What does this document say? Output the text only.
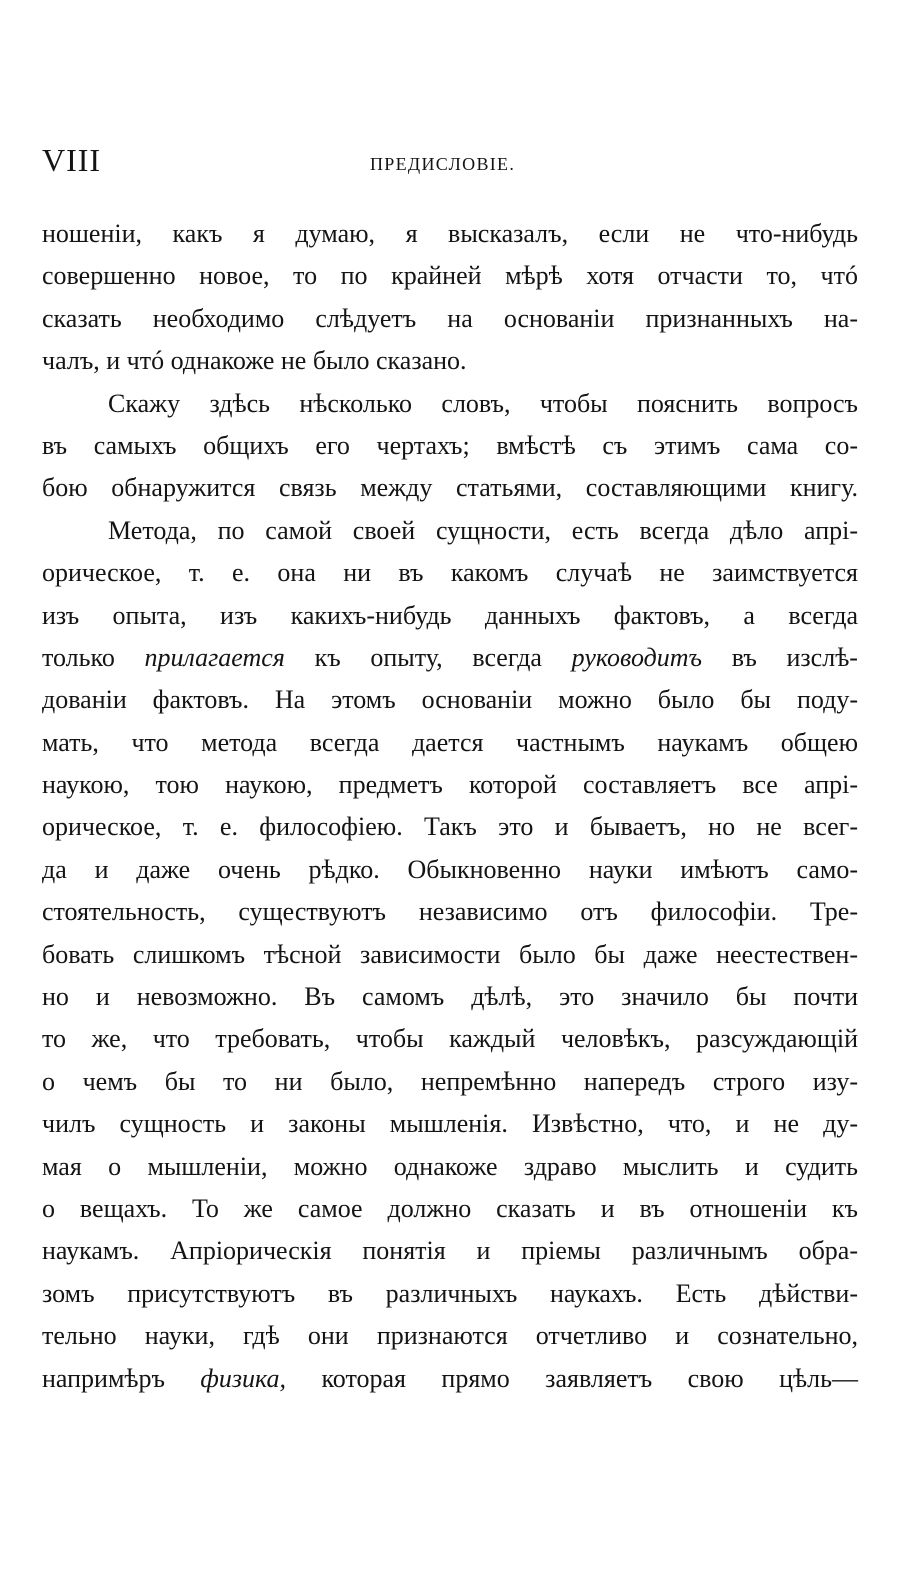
VIII	ПРЕДИСЛОВІЕ.
ношеніи, какъ я думаю, я высказалъ, если не что-нибудь
совершенно новое, то по крайней мѣрѣ хотя отчасти то, чтó
сказать необходимо слѣдуетъ на основаніи признанныхъ на-
чалъ, и чтó однакоже не было сказано.
Скажу здѣсь нѣсколько словъ, чтобы пояснить вопросъ
въ самыхъ общихъ его чертахъ; вмѣстѣ съ этимъ сама со-
бою обнаружится связь между статьями, составляющими книгу.
Метода, по самой своей сущности, есть всегда дѣло апрі-
орическое, т. е. она ни въ какомъ случаѣ не заимствуется
изъ опыта, изъ какихъ-нибудь данныхъ фактовъ, а всегда
только прилагается къ опыту, всегда руководитъ въ изслѣ-
дованіи фактовъ. На этомъ основаніи можно было бы поду-
мать, что метода всегда дается частнымъ наукамъ общею
наукою, тою наукою, предметъ которой составляетъ все апрі-
орическое, т. е. философіею. Такъ это и бываетъ, но не всег-
да и даже очень рѣдко. Обыкновенно науки имѣютъ само-
стоятельность, существуютъ независимо отъ философіи. Тре-
бовать слишкомъ тѣсной зависимости было бы даже неестествен-
но и невозможно. Въ самомъ дѣлѣ, это значило бы почти
то же, что требовать, чтобы каждый человѣкъ, разсуждающій
о чемъ бы то ни было, непремѣнно напередъ строго изу-
чилъ сущность и законы мышленія. Извѣстно, что, и не ду-
мая о мышленіи, можно однакоже здраво мыслить и судить
о вещахъ. То же самое должно сказать и въ отношеніи къ
наукамъ. Апріорическія понятія и пріемы различнымъ обра-
зомъ присутствуютъ въ различныхъ наукахъ. Есть дѣйстви-
тельно науки, гдѣ они признаются отчетливо и сознательно,
напримѣръ физика, которая прямо заявляетъ свою цѣль—
